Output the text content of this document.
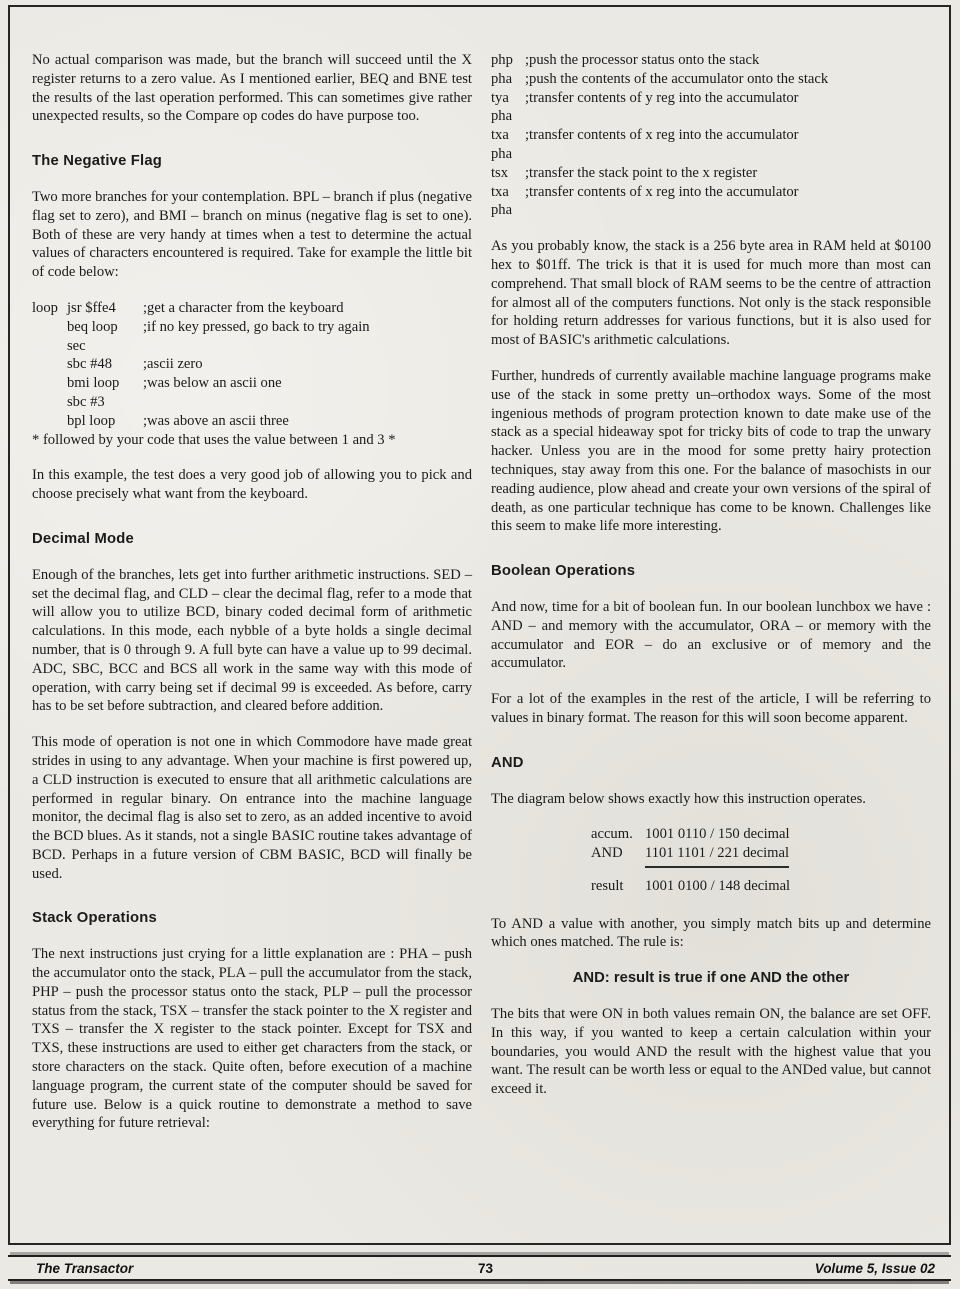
No actual comparison was made, but the branch will succeed until the X register returns to a zero value. As I mentioned earlier, BEQ and BNE test the results of the last operation performed. This can sometimes give rather unexpected results, so the Compare op codes do have purpose too.

The Negative Flag

Two more branches for your contemplation. BPL – branch if plus (negative flag set to zero), and BMI – branch on minus (negative flag is set to one). Both of these are very handy at times when a test to determine the actual values of characters encountered is required. Take for example the little bit of code below:

loop jsr $ffe4	;get a character from the keyboard
beq loop	;if no key pressed, go back to try again
sec
sbc #48	;ascii zero
bmi loop	;was below an ascii one
sbc #3
bpl loop	;was above an ascii three
* followed by your code that uses the value between 1 and 3 *

In this example, the test does a very good job of allowing you to pick and choose precisely what want from the keyboard.

Decimal Mode

Enough of the branches, lets get into further arithmetic instructions. SED – set the decimal flag, and CLD – clear the decimal flag, refer to a mode that will allow you to utilize BCD, binary coded decimal form of arithmetic calculations. In this mode, each nybble of a byte holds a single decimal number, that is 0 through 9. A full byte can have a value up to 99 decimal. ADC, SBC, BCC and BCS all work in the same way with this mode of operation, with carry being set if decimal 99 is exceeded. As before, carry has to be set before subtraction, and cleared before addition.

This mode of operation is not one in which Commodore have made great strides in using to any advantage. When your machine is first powered up, a CLD instruction is executed to ensure that all arithmetic calculations are performed in regular binary. On entrance into the machine language monitor, the decimal flag is also set to zero, as an added incentive to avoid the BCD blues. As it stands, not a single BASIC routine takes advantage of BCD. Perhaps in a future version of CBM BASIC, BCD will finally be used.

Stack Operations

The next instructions just crying for a little explanation are : PHA – push the accumulator onto the stack, PLA – pull the accumulator from the stack, PHP – push the processor status onto the stack, PLP – pull the processor status from the stack, TSX – transfer the stack pointer to the X register and TXS – transfer the X register to the stack pointer. Except for TSX and TXS, these instructions are used to either get characters from the stack, or store characters on the stack. Quite often, before execution of a machine language program, the current state of the computer should be saved for future use. Below is a quick routine to demonstrate a method to save everything for future retrieval:

php ;push the processor status onto the stack
pha ;push the contents of the accumulator onto the stack
tya	;transfer contents of y reg into the accumulator
pha
txa	;transfer contents of x reg into the accumulator
pha
tsx	;transfer the stack point to the x register
txa	;transfer contents of x reg into the accumulator
pha

As you probably know, the stack is a 256 byte area in RAM held at $0100 hex to $01ff. The trick is that it is used for much more than most can comprehend. That small block of RAM seems to be the centre of attraction for almost all of the computers functions. Not only is the stack responsible for holding return addresses for various functions, but it is also used for most of BASIC's arithmetic calculations.

Further, hundreds of currently available machine language programs make use of the stack in some pretty un–orthodox ways. Some of the most ingenious methods of program protection known to date make use of the stack as a special hideaway spot for tricky bits of code to trap the unwary hacker. Unless you are in the mood for some pretty hairy protection techniques, stay away from this one. For the balance of masochists in our reading audience, plow ahead and create your own versions of the spiral of death, as one particular technique has come to be known. Challenges like this seem to make life more interesting.

Boolean Operations

And now, time for a bit of boolean fun. In our boolean lunchbox we have : AND – and memory with the accumulator, ORA – or memory with the accumulator and EOR – do an exclusive or of memory and the accumulator.

For a lot of the examples in the rest of the article, I will be referring to values in binary format. The reason for this will soon become apparent.

AND

The diagram below shows exactly how this instruction operates.

accum. 1001 0110 / 150 decimal
AND	1101 1101 / 221 decimal
result	1001 0100 / 148 decimal

To AND a value with another, you simply match bits up and determine which ones matched. The rule is:

AND: result is true if one AND the other

The bits that were ON in both values remain ON, the balance are set OFF. In this way, if you wanted to keep a certain calculation within your boundaries, you would AND the result with the highest value that you want. The result can be worth less or equal to the ANDed value, but cannot exceed it.

The Transactor	73	Volume 5, Issue 02
